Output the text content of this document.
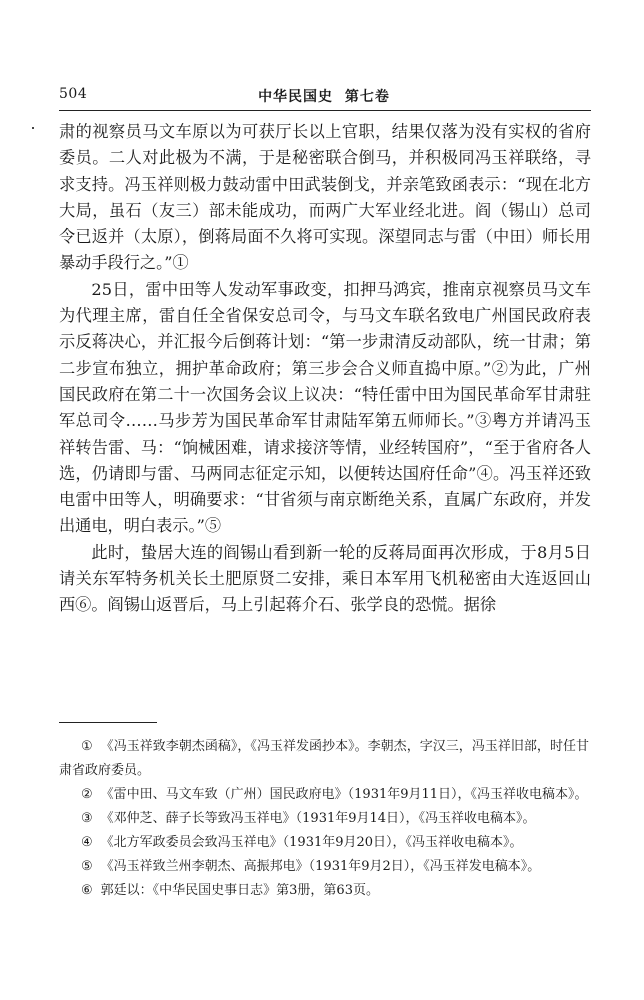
504	中华民国史 第七卷

肃的视察员马文车原以为可获厅长以上官职，结果仅落为没有实权的省府委员。二人对此极为不满，于是秘密联合倒马，并积极同冯玉祥联络，寻求支持。冯玉祥则极力鼓动雷中田武装倒戈，并亲笔致函表示：“现在北方大局，虽石（友三）部未能成功，而两广大军业经北进。阎（锡山）总司令已返并（太原），倒蒋局面不久将可实现。深望同志与雷（中田）师长用暴动手段行之。”①

25日，雷中田等人发动军事政变，扣押马鸿宾，推南京视察员马文车为代理主席，雷自任全省保安总司令，与马文车联名致电广州国民政府表示反蒋决心，并汇报今后倒蒋计划：“第一步肃清反动部队，统一甘肃；第二步宣布独立，拥护革命政府；第三步会合义师直捣中原。”②为此，广州国民政府在第二十一次国务会议上议决：“特任雷中田为国民革命军甘肃驻军总司令……马步芳为国民革命军甘肃陆军第五师师长。”③粤方并请冯玉祥转告雷、马：“饷械困难，请求接济等情，业经转国府”，“至于省府各人选，仍请即与雷、马两同志征定示知，以便转达国府任命”④。冯玉祥还致电雷中田等人，明确要求：“甘省须与南京断绝关系，直属广东政府，并发出通电，明白表示。”⑤

此时，蛰居大连的阎锡山看到新一轮的反蒋局面再次形成，于8月5日请关东军特务机关长土肥原贤二安排，乘日本军用飞机秘密由大连返回山西⑥。阎锡山返晋后，马上引起蒋介石、张学良的恐慌。据徐

① 《冯玉祥致李朝杰函稿》，《冯玉祥发函抄本》。李朝杰，字汉三，冯玉祥旧部，时任甘肃省政府委员。

② 《雷中田、马文车致（广州）国民政府电》（1931年9月11日），《冯玉祥收电稿本》。

③ 《邓仲芝、薛子长等致冯玉祥电》（1931年9月14日），《冯玉祥收电稿本》。

④ 《北方军政委员会致冯玉祥电》（1931年9月20日），《冯玉祥收电稿本》。

⑤ 《冯玉祥致兰州李朝杰、高振邦电》（1931年9月2日），《冯玉祥发电稿本》。

⑥ 郭廷以：《中华民国史事日志》第3册，第63页。
